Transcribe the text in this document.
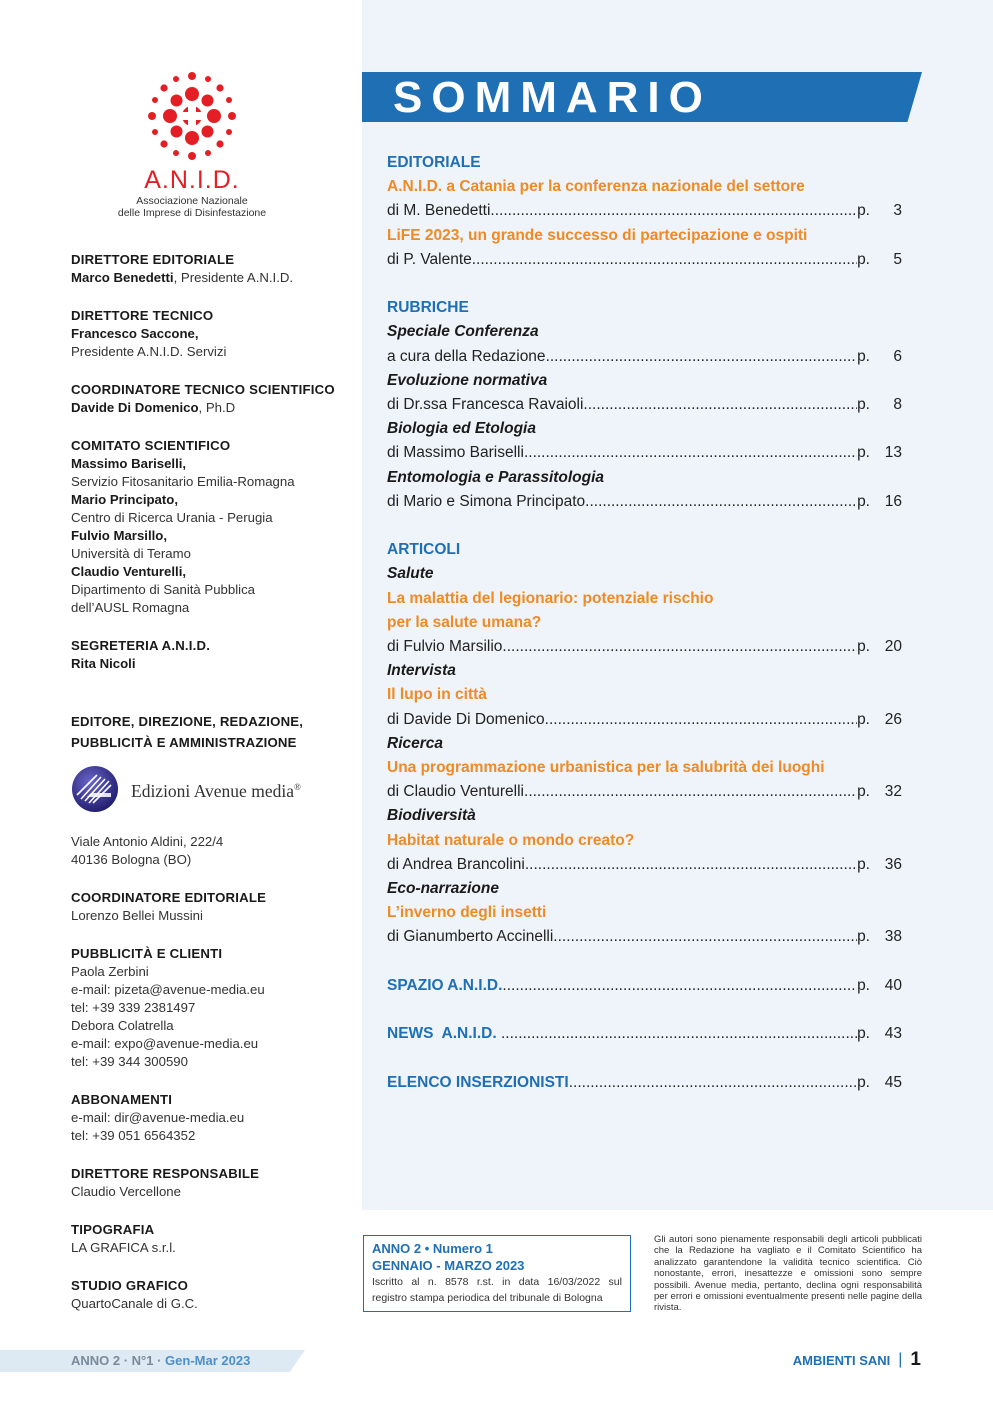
A.N.I.D.
Associazione Nazionale
delle Imprese di Disinfestazione
DIRETTORE EDITORIALE
Marco Benedetti, Presidente A.N.I.D.
DIRETTORE TECNICO
Francesco Saccone,
Presidente A.N.I.D. Servizi
COORDINATORE TECNICO SCIENTIFICO
Davide Di Domenico, Ph.D
COMITATO SCIENTIFICO
Massimo Bariselli,
Servizio Fitosanitario Emilia-Romagna
Mario Principato,
Centro di Ricerca Urania - Perugia
Fulvio Marsillo,
Università di Teramo
Claudio Venturelli,
Dipartimento di Sanità Pubblica
dell’AUSL Romagna
SEGRETERIA A.N.I.D.
Rita Nicoli
EDITORE, DIREZIONE, REDAZIONE,
PUBBLICITÀ E AMMINISTRAZIONE
Edizioni Avenue media®
Viale Antonio Aldini, 222/4
40136 Bologna (BO)
COORDINATORE EDITORIALE
Lorenzo Bellei Mussini
PUBBLICITÀ E CLIENTI
Paola Zerbini
e-mail: pizeta@avenue-media.eu
tel: +39 339 2381497
Debora Colatrella
e-mail: expo@avenue-media.eu
tel: +39 344 300590
ABBONAMENTI
e-mail: dir@avenue-media.eu
tel: +39 051 6564352
DIRETTORE RESPONSABILE
Claudio Vercellone
TIPOGRAFIA
LA GRAFICA s.r.l.
STUDIO GRAFICO
QuartoCanale di G.C.
SOMMARIO
EDITORIALE
A.N.I.D. a Catania per la conferenza nazionale del settore
di M. Benedetti .....	p. 3
LiFE 2023, un grande successo di partecipazione e ospiti
di P. Valente .....	p. 5
RUBRICHE
Speciale Conferenza
a cura della Redazione .....	p. 6
Evoluzione normativa
di Dr.ssa Francesca Ravaioli .....	p. 8
Biologia ed Etologia
di Massimo Bariselli .....	p. 13
Entomologia e Parassitologia
di Mario e Simona Principato .....	p. 16
ARTICOLI
Salute
La malattia del legionario: potenziale rischio
per la salute umana?
di Fulvio Marsilio .....	p. 20
Intervista
Il lupo in città
di Davide Di Domenico .....	p. 26
Ricerca
Una programmazione urbanistica per la salubrità dei luoghi
di Claudio Venturelli .....	p. 32
Biodiversità
Habitat naturale o mondo creato?
di Andrea Brancolini .....	p. 36
Eco-narrazione
L’inverno degli insetti
di Gianumberto Accinelli .....	p. 38
SPAZIO A.N.I.D. .....	p. 40
NEWS  A.N.I.D. .....	p. 43
ELENCO INSERZIONISTI .....	p. 45
ANNO 2 • Numero 1
GENNAIO - MARZO 2023
Iscritto al n. 8578 r.st. in data 16/03/2022 sul
registro stampa periodica del tribunale di Bologna
Gli autori sono pienamente responsabili degli articoli pubblicati che la Redazione ha vagliato e il Comitato Scientifico ha analizzato garantendone la validità tecnico scientifica. Ciò nonostante, errori, inesattezze e omissioni sono sempre possibili. Avenue media, pertanto, declina ogni responsabilità per errori e omissioni eventualmente presenti nelle pagine della rivista.
ANNO 2 · N°1 · Gen-Mar 2023	AMBIENTI SANI | 1
